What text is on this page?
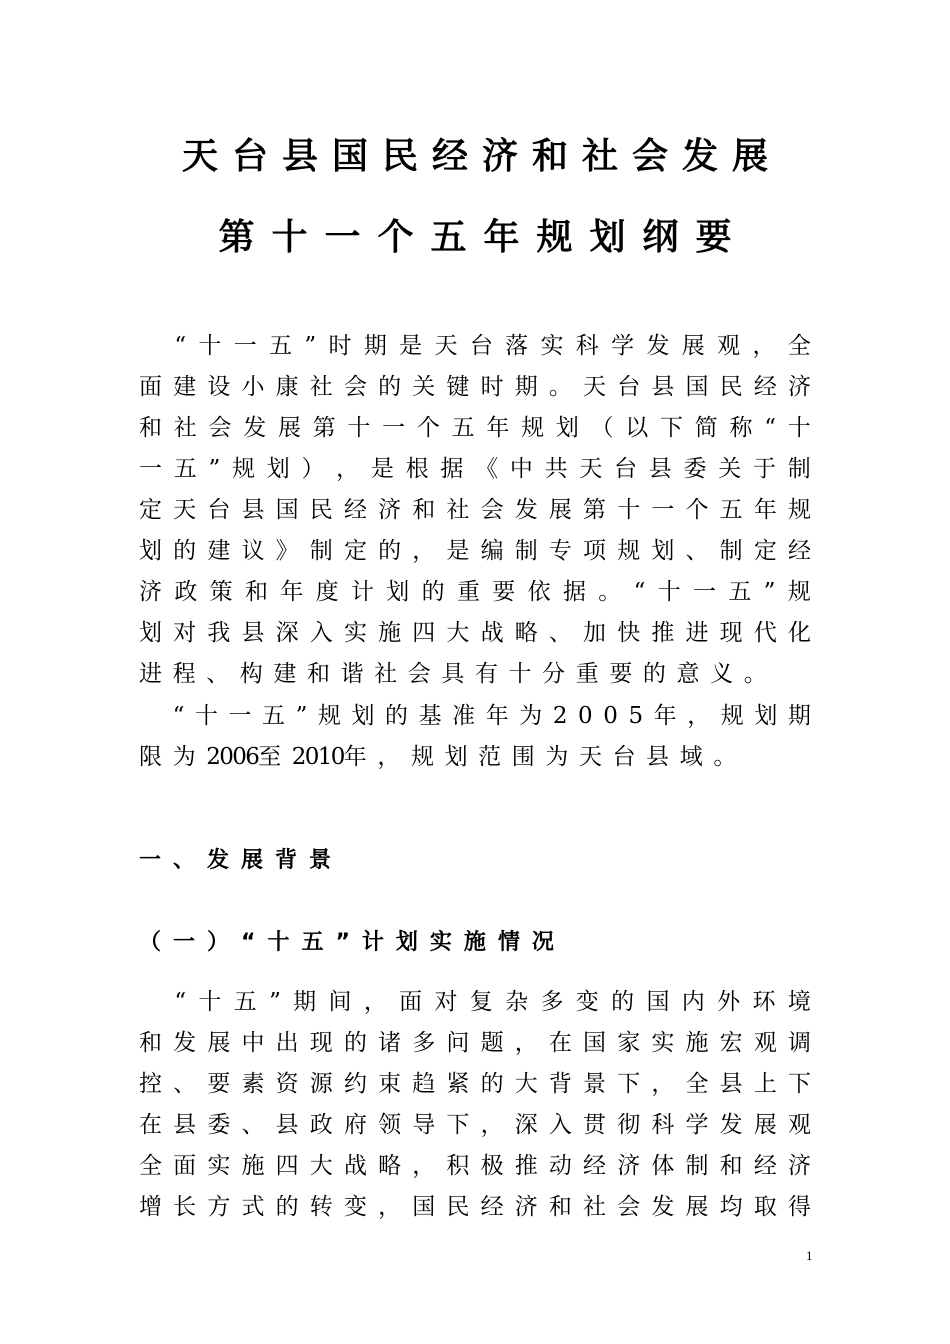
天台县国民经济和社会发展
第十一个五年规划纲要

“ 十 一 五 ” 时 期 是 天 台 落 实 科 学 发 展 观 ， 全
面 建 设 小 康 社 会 的 关 键 时 期 。 天 台 县 国 民 经 济
和 社 会 发 展 第 十 一 个 五 年 规 划 （ 以 下 简 称 “ 十
一 五 ” 规 划 ） ， 是 根 据 《 中 共 天 台 县 委 关 于 制
定 天 台 县 国 民 经 济 和 社 会 发 展 第 十 一 个 五 年 规
划 的 建 议 》 制 定 的 ， 是 编 制 专 项 规 划 、 制 定 经
济 政 策 和 年 度 计 划 的 重 要 依 据 。 “ 十 一 五 ” 规
划 对 我 县 深 入 实 施 四 大 战 略 、 加 快 推 进 现 代 化
进 程 、 构 建 和 谐 社 会 具 有 十 分 重 要 的 意 义 。

“ 十 一 五 ” 规 划 的 基 准 年 为 2 0 0 5 年 ， 规 划 期
限 为 2
0
0
6
至 2
0
1
0
年 ， 规 划 范 围 为 天 台 县 域 。
一、发展背景
（一）“十五”计划实施情况

“ 十 五 ” 期 间 ， 面 对 复 杂 多 变 的 国 内 外 环 境
和 发 展 中 出 现 的 诸 多 问 题 ， 在 国 家 实 施 宏 观 调
控 、 要 素 资 源 约 束 趋 紧 的 大 背 景 下 ， 全 县 上 下
在 县 委 、 县 政 府 领 导 下 ， 深 入 贯 彻 科 学 发 展 观
全 面 实 施 四 大 战 略 ， 积 极 推 动 经 济 体 制 和 经 济
增 长 方 式 的 转 变 ， 国 民 经 济 和 社 会 发 展 均 取 得
1
